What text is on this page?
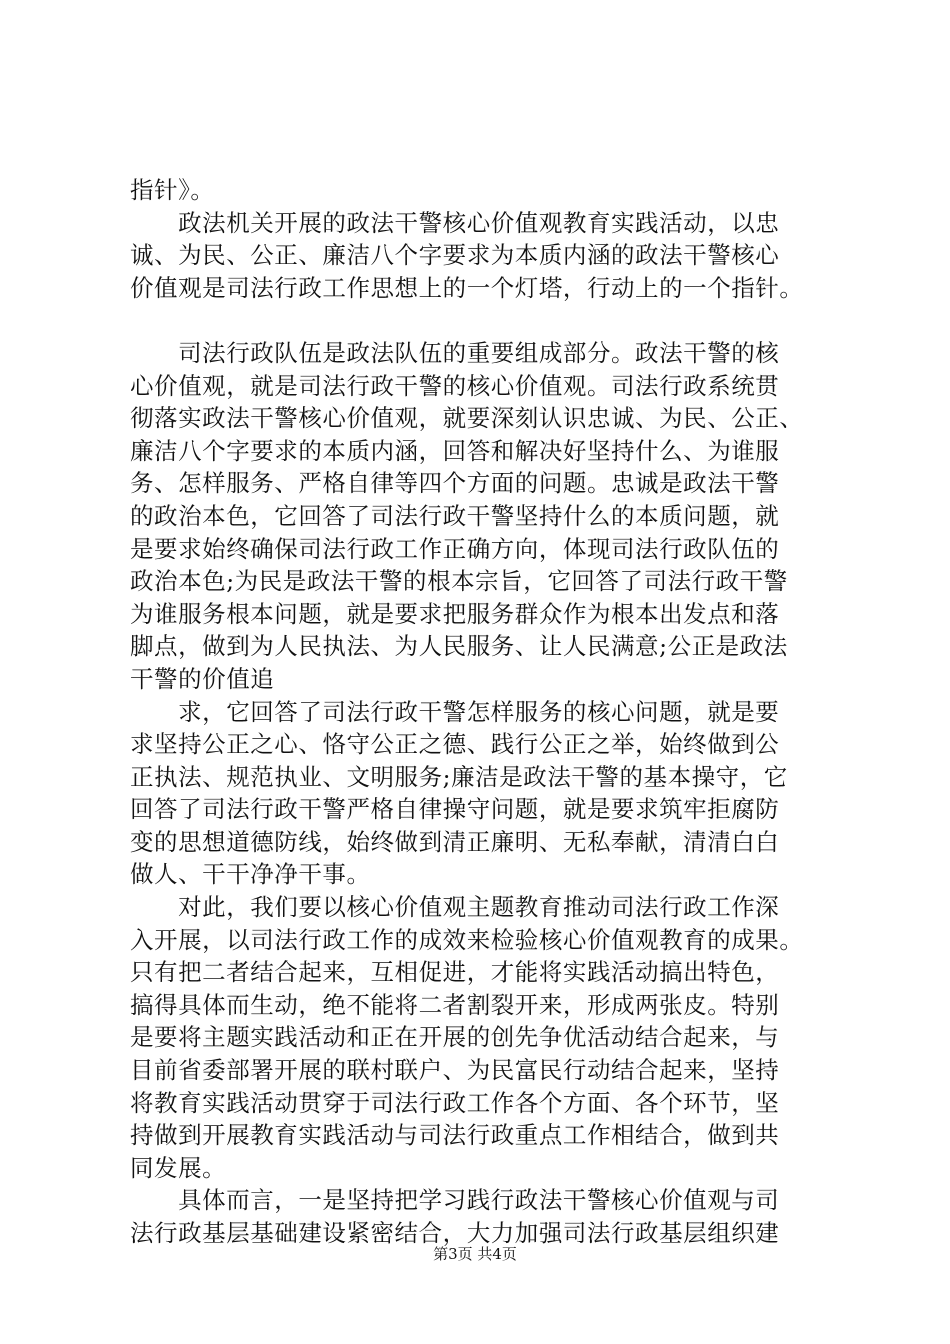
指针》。
　　政法机关开展的政法干警核心价值观教育实践活动，以忠
诚、为民、公正、廉洁八个字要求为本质内涵的政法干警核心
价值观是司法行政工作思想上的一个灯塔，行动上的一个指针。
　　司法行政队伍是政法队伍的重要组成部分。政法干警的核
心价值观，就是司法行政干警的核心价值观。司法行政系统贯
彻落实政法干警核心价值观，就要深刻认识忠诚、为民、公正、
廉洁八个字要求的本质内涵，回答和解决好坚持什么、为谁服
务、怎样服务、严格自律等四个方面的问题。忠诚是政法干警
的政治本色，它回答了司法行政干警坚持什么的本质问题，就
是要求始终确保司法行政工作正确方向，体现司法行政队伍的
政治本色;为民是政法干警的根本宗旨，它回答了司法行政干警
为谁服务根本问题，就是要求把服务群众作为根本出发点和落
脚点，做到为人民执法、为人民服务、让人民满意;公正是政法
干警的价值追
　　求，它回答了司法行政干警怎样服务的核心问题，就是要
求坚持公正之心、恪守公正之德、践行公正之举，始终做到公
正执法、规范执业、文明服务;廉洁是政法干警的基本操守，它
回答了司法行政干警严格自律操守问题，就是要求筑牢拒腐防
变的思想道德防线，始终做到清正廉明、无私奉献，清清白白
做人、干干净净干事。
　　对此，我们要以核心价值观主题教育推动司法行政工作深
入开展，以司法行政工作的成效来检验核心价值观教育的成果。
只有把二者结合起来，互相促进，才能将实践活动搞出特色，
搞得具体而生动，绝不能将二者割裂开来，形成两张皮。特别
是要将主题实践活动和正在开展的创先争优活动结合起来，与
目前省委部署开展的联村联户、为民富民行动结合起来，坚持
将教育实践活动贯穿于司法行政工作各个方面、各个环节，坚
持做到开展教育实践活动与司法行政重点工作相结合，做到共
同发展。
　　具体而言，一是坚持把学习践行政法干警核心价值观与司
法行政基层基础建设紧密结合，大力加强司法行政基层组织建
第3页 共4页
